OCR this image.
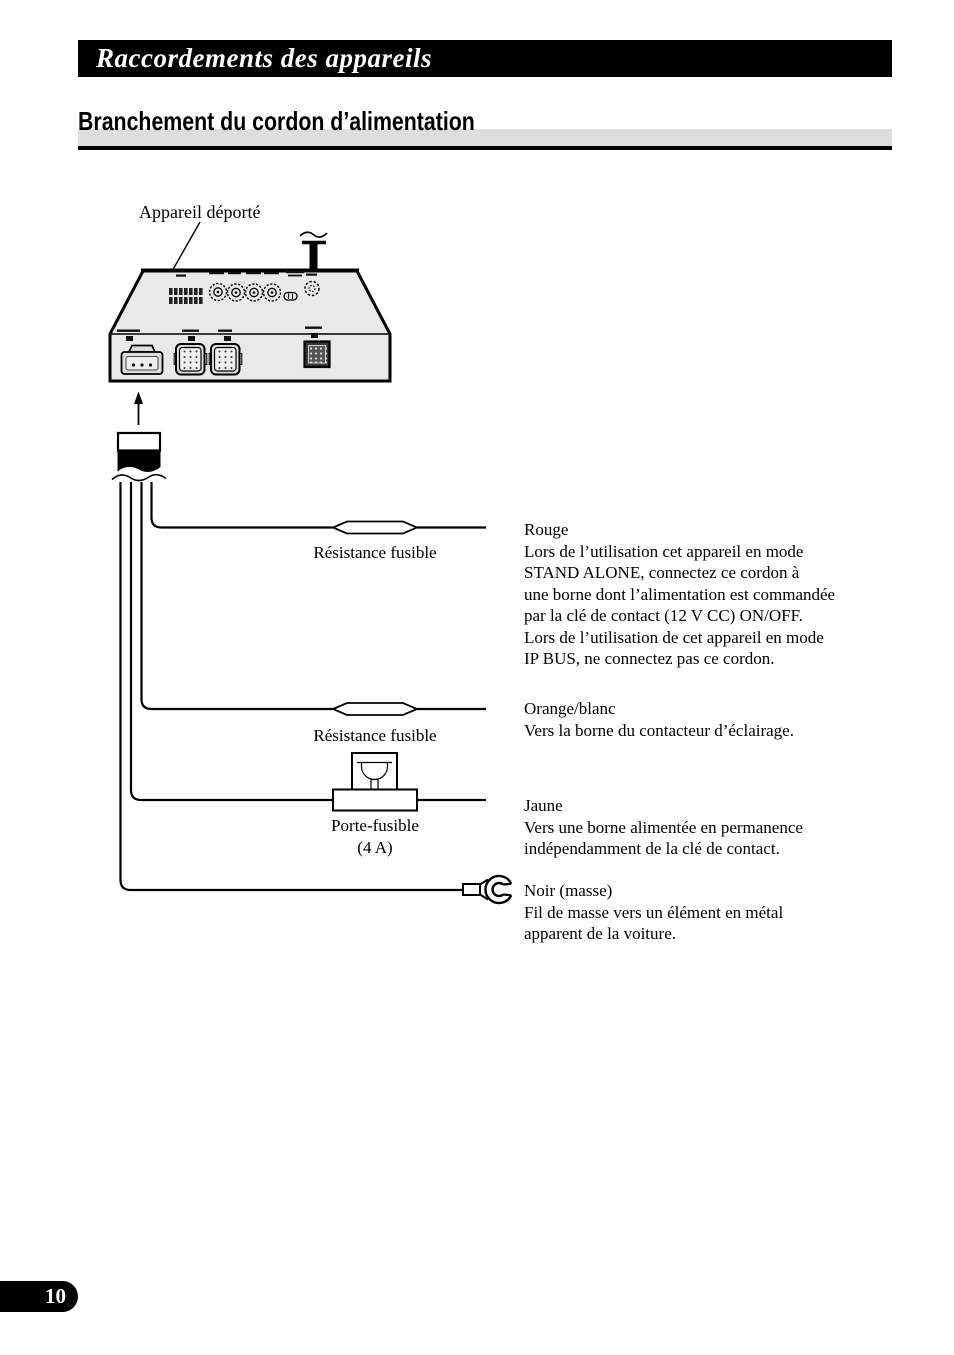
Raccordements des appareils
Branchement du cordon d’alimentation
Appareil déporté
Résistance fusible
Résistance fusible
Porte-fusible
(4 A)
Rouge
Lors de l’utilisation cet appareil en mode
STAND ALONE, connectez ce cordon à
une borne dont l’alimentation est commandée
par la clé de contact (12 V CC) ON/OFF.
Lors de l’utilisation de cet appareil en mode
IP BUS, ne connectez pas ce cordon.
Orange/blanc
Vers la borne du contacteur d’éclairage.
Jaune
Vers une borne alimentée en permanence
indépendamment de la clé de contact.
Noir (masse)
Fil de masse vers un élément en métal
apparent de la voiture.
10
